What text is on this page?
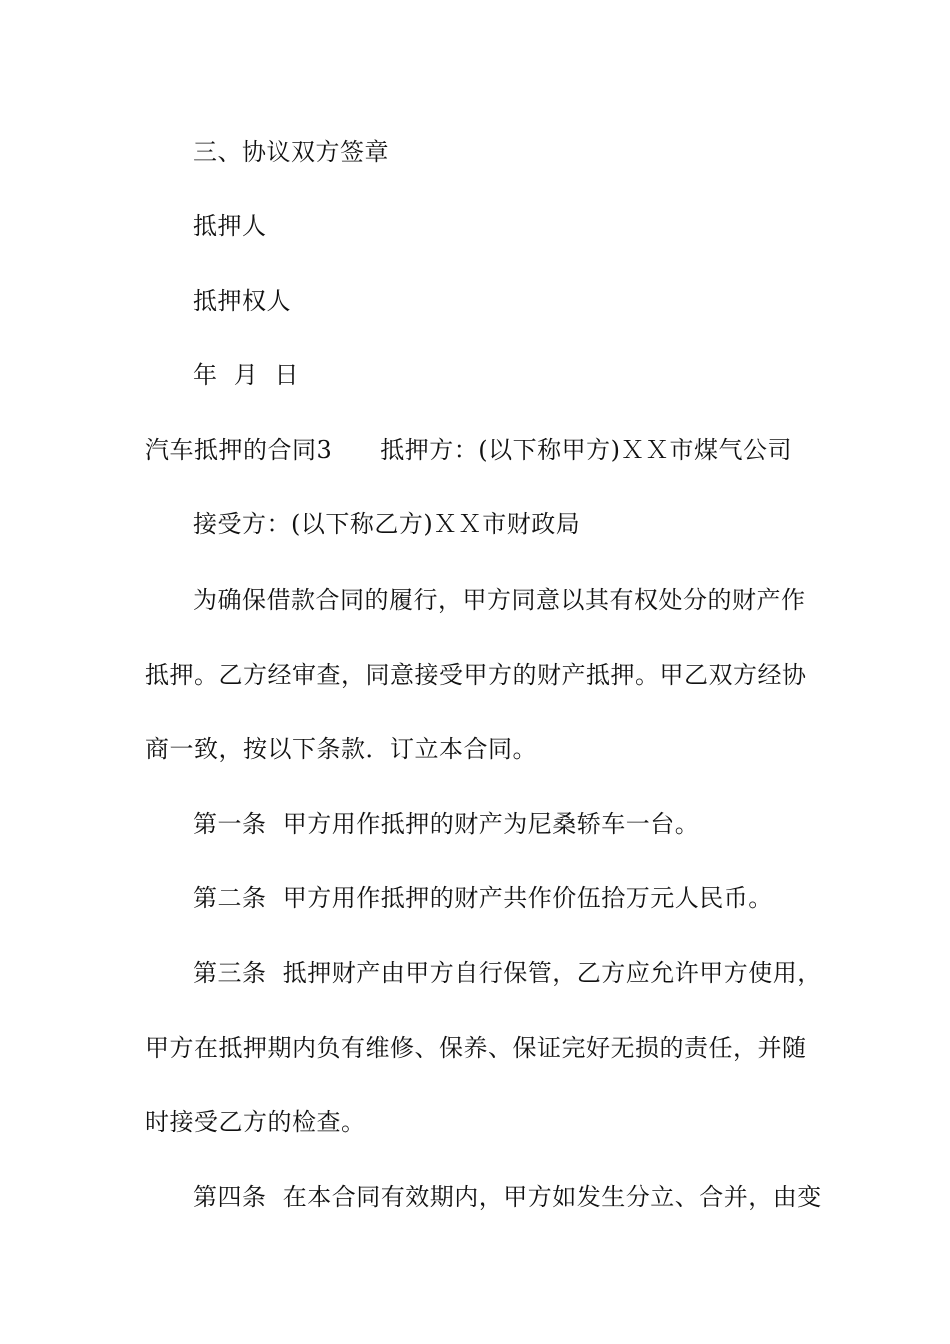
三、协议双方签章
抵押人
抵押权人
年  月  日
汽车抵押的合同3 抵押方：(以下称甲方)ＸＸ市煤气公司
接受方：(以下称乙方)ＸＸ市财政局
为确保借款合同的履行，甲方同意以其有权处分的财产作
抵押。乙方经审查，同意接受甲方的财产抵押。甲乙双方经协
商一致，按以下条款．订立本合同。
第一条  甲方用作抵押的财产为尼桑轿车一台。
第二条  甲方用作抵押的财产共作价伍拾万元人民币。
第三条  抵押财产由甲方自行保管，乙方应允许甲方使用，
甲方在抵押期内负有维修、保养、保证完好无损的责任，并随
时接受乙方的检查。
第四条  在本合同有效期内，甲方如发生分立、合并，由变
